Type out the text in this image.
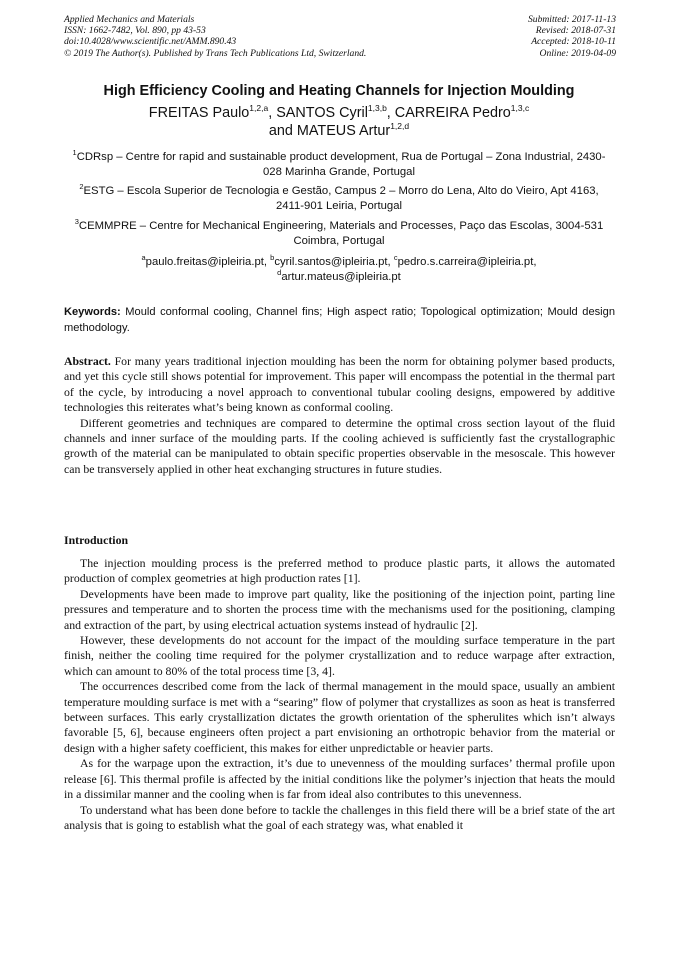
Applied Mechanics and Materials
ISSN: 1662-7482, Vol. 890, pp 43-53
doi:10.4028/www.scientific.net/AMM.890.43
© 2019 The Author(s). Published by Trans Tech Publications Ltd, Switzerland.
Submitted: 2017-11-13
Revised: 2018-07-31
Accepted: 2018-10-11
Online: 2019-04-09
High Efficiency Cooling and Heating Channels for Injection Moulding
FREITAS Paulo$^{1,2,a}$, SANTOS Cyril$^{1,3,b}$, CARREIRA Pedro$^{1,3,c}$
and MATEUS Artur$^{1,2,d}$
$^1$CDRsp – Centre for rapid and sustainable product development, Rua de Portugal – Zona Industrial, 2430-028 Marinha Grande, Portugal
$^2$ESTG – Escola Superior de Tecnologia e Gestão, Campus 2 – Morro do Lena, Alto do Vieiro, Apt 4163, 2411-901 Leiria, Portugal
$^3$CEMMPRE – Centre for Mechanical Engineering, Materials and Processes, Paço das Escolas, 3004-531 Coimbra, Portugal
$^a$paulo.freitas@ipleiria.pt, $^b$cyril.santos@ipleiria.pt, $^c$pedro.s.carreira@ipleiria.pt,
$^d$artur.mateus@ipleiria.pt
Keywords: Mould conformal cooling, Channel fins; High aspect ratio; Topological optimization; Mould design methodology.

Abstract. For many years traditional injection moulding has been the norm for obtaining polymer based products, and yet this cycle still shows potential for improvement. This paper will encompass the potential in the thermal part of the cycle, by introducing a novel approach to conventional tubular cooling designs, empowered by additive technologies this reiterates what’s being known as conformal cooling.

Different geometries and techniques are compared to determine the optimal cross section layout of the fluid channels and inner surface of the moulding parts. If the cooling achieved is sufficiently fast the crystallographic growth of the material can be manipulated to obtain specific properties observable in the mesoscale. This however can be transversely applied in other heat exchanging structures in future studies.

Introduction

The injection moulding process is the preferred method to produce plastic parts, it allows the automated production of complex geometries at high production rates [1].

Developments have been made to improve part quality, like the positioning of the injection point, parting line pressures and temperature and to shorten the process time with the mechanisms used for the positioning, clamping and extraction of the part, by using electrical actuation systems instead of hydraulic [2].

However, these developments do not account for the impact of the moulding surface temperature in the part finish, neither the cooling time required for the polymer crystallization and to reduce warpage after extraction, which can amount to 80% of the total process time [3, 4].

The occurrences described come from the lack of thermal management in the mould space, usually an ambient temperature moulding surface is met with a “searing” flow of polymer that crystallizes as soon as heat is transferred between surfaces. This early crystallization dictates the growth orientation of the spherulites which isn’t always favorable [5, 6], because engineers often project a part envisioning an orthotropic behavior from the material or design with a higher safety coefficient, this makes for either unpredictable or heavier parts.

As for the warpage upon the extraction, it’s due to unevenness of the moulding surfaces’ thermal profile upon release [6]. This thermal profile is affected by the initial conditions like the polymer’s injection that heats the mould in a dissimilar manner and the cooling when is far from ideal also contributes to this unevenness.

To understand what has been done before to tackle the challenges in this field there will be a brief state of the art analysis that is going to establish what the goal of each strategy was, what enabled it
